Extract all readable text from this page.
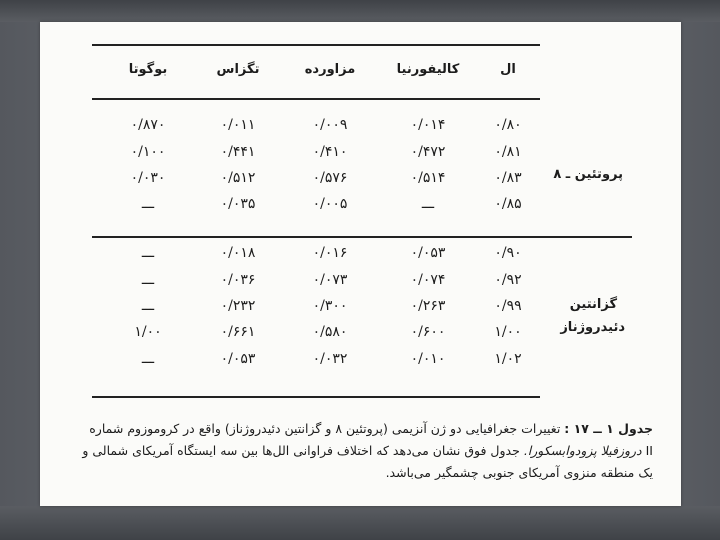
ال
کالیفورنیا
مزاورده
تگزاس
بوگوتا
۰/۸۰
۰/۰۱۴
۰/۰۰۹
۰/۰۱۱
۰/۸۷۰
۰/۸۱
۰/۴۷۲
۰/۴۱۰
۰/۴۴۱
۰/۱۰۰
۰/۸۳
۰/۵۱۴
۰/۵۷۶
۰/۵۱۲
۰/۰۳۰
۰/۸۵
ـــ
۰/۰۰۵
۰/۰۳۵
ـــ
۰/۹۰
۰/۰۵۳
۰/۰۱۶
۰/۰۱۸
ـــ
۰/۹۲
۰/۰۷۴
۰/۰۷۳
۰/۰۳۶
ـــ
۰/۹۹
۰/۲۶۳
۰/۳۰۰
۰/۲۳۲
ـــ
۱/۰۰
۰/۶۰۰
۰/۵۸۰
۰/۶۶۱
۱/۰۰
۱/۰۲
۰/۰۱۰
۰/۰۳۲
۰/۰۵۳
ـــ
پروتئین ـ ۸
گزانتین
دئیدروژناز
جدول ۱ ــ ۱۷ : تغییرات جغرافیایی دو ژن آنزیمی (پروتئین ۸ و گزانتین دئیدروژناز) واقع در کروموزوم شماره
II دروزفیلا پزودوابسکورا. جدول فوق نشان می‌دهد که اختلاف فراوانی الل‌ها بین سه ایستگاه آمریکای شمالی و
یک منطقه منزوی آمریکای جنوبی چشمگیر می‌باشد.
